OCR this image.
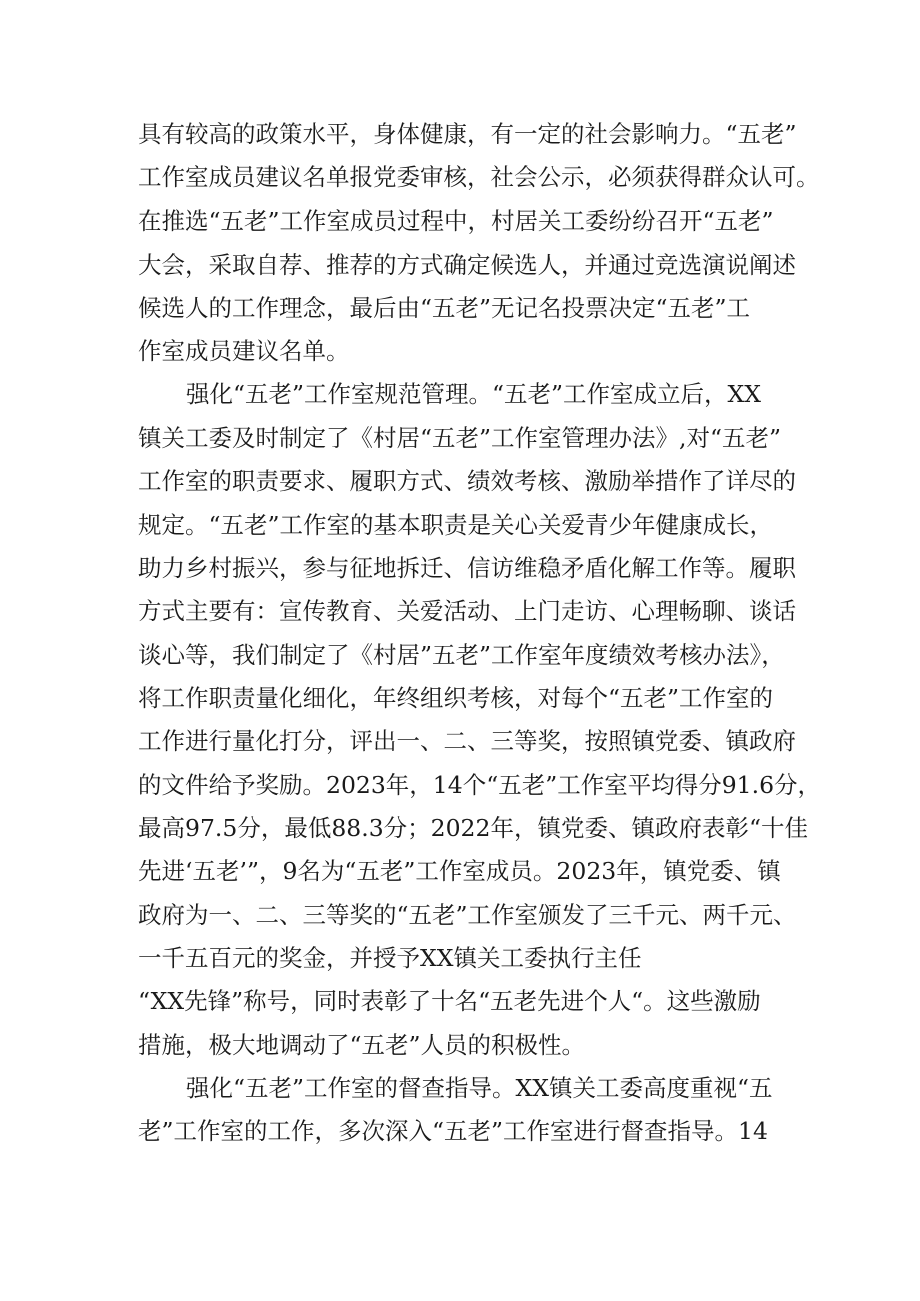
具有较高的政策水平，身体健康，有一定的社会影响力。“五老”
工作室成员建议名单报党委审核，社会公示，必须获得群众认可。
在推选“五老”工作室成员过程中，村居关工委纷纷召开“五老”
大会，采取自荐、推荐的方式确定候选人，并通过竞选演说阐述
候选人的工作理念，最后由“五老”无记名投票决定“五老”工
作室成员建议名单。
强化“五老”工作室规范管理。“五老”工作室成立后，XX
镇关工委及时制定了《村居“五老”工作室管理办法》,对“五老”
工作室的职责要求、履职方式、绩效考核、激励举措作了详尽的
规定。“五老”工作室的基本职责是关心关爱青少年健康成长，
助力乡村振兴，参与征地拆迁、信访维稳矛盾化解工作等。履职
方式主要有：宣传教育、关爱活动、上门走访、心理畅聊、谈话
谈心等，我们制定了《村居”五老”工作室年度绩效考核办法》，
将工作职责量化细化，年终组织考核，对每个“五老”工作室的
工作进行量化打分，评出一、二、三等奖，按照镇党委、镇政府
的文件给予奖励。2023年，14个“五老”工作室平均得分91.6分，
最高97.5分，最低88.3分；2022年，镇党委、镇政府表彰“十佳
先进‘五老’”，9名为“五老”工作室成员。2023年，镇党委、镇
政府为一、二、三等奖的“五老”工作室颁发了三千元、两千元、
一千五百元的奖金，并授予XX镇关工委执行主任
“XX先锋”称号，同时表彰了十名“五老先进个人“。这些激励
措施，极大地调动了“五老”人员的积极性。
强化“五老”工作室的督查指导。XX镇关工委高度重视“五
老”工作室的工作，多次深入“五老”工作室进行督查指导。14
